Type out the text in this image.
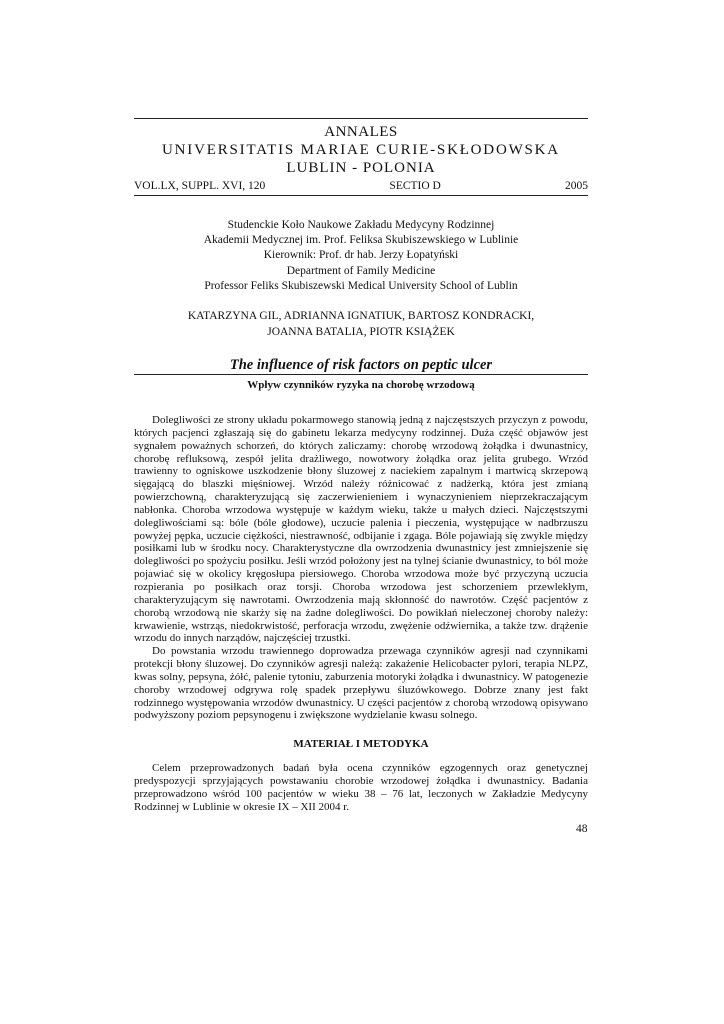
ANNALES
UNIVERSITATIS MARIAE CURIE-SKŁODOWSKA
LUBLIN - POLONIA
VOL.LX, SUPPL. XVI, 120	SECTIO D	2005
Studenckie Koło Naukowe Zakładu Medycyny Rodzinnej
Akademii Medycznej im. Prof. Feliksa Skubiszewskiego w Lublinie
Kierownik: Prof. dr hab. Jerzy Łopatyński
Department of Family Medicine
Professor Feliks Skubiszewski Medical University School of Lublin
KATARZYNA GIL, ADRIANNA IGNATIUK, BARTOSZ KONDRACKI,
JOANNA BATALIA, PIOTR KSIĄŻEK
The influence of risk factors on peptic ulcer
Wpływ czynników ryzyka na chorobę wrzodową

Dolegliwości ze strony układu pokarmowego stanowią jedną z najczęstszych przyczyn z powodu, których pacjenci zgłaszają się do gabinetu lekarza medycyny rodzinnej. Duża część objawów jest sygnałem poważnych schorzeń, do których zaliczamy: chorobę wrzodową żołądka i dwunastnicy, chorobę refluksową, zespół jelita drażliwego, nowotwory żołądka oraz jelita grubego. Wrzód trawienny to ogniskowe uszkodzenie błony śluzowej z naciekiem zapalnym i martwicą skrzepową sięgającą do blaszki mięśniowej. Wrzód należy różnicować z nadżerką, która jest zmianą powierzchowną, charakteryzującą się zaczerwienieniem i wynaczynieniem nieprzekraczającym nabłonka. Choroba wrzodowa występuje w każdym wieku, także u małych dzieci. Najczęstszymi dolegliwościami są: bóle (bóle głodowe), uczucie palenia i pieczenia, występujące w nadbrzuszu powyżej pępka, uczucie ciężkości, niestrawność, odbijanie i zgaga. Bóle pojawiają się zwykle między posiłkami lub w środku nocy. Charakterystyczne dla owrzodzenia dwunastnicy jest zmniejszenie się dolegliwości po spożyciu posiłku. Jeśli wrzód położony jest na tylnej ścianie dwunastnicy, to ból może pojawiać się w okolicy kręgosłupa piersiowego. Choroba wrzodowa może być przyczyną uczucia rozpierania po posiłkach oraz torsji. Choroba wrzodowa jest schorzeniem przewlekłym, charakteryzującym się nawrotami. Owrzodzenia mają skłonność do nawrotów. Część pacjentów z chorobą wrzodową nie skarży się na żadne dolegliwości. Do powikłań nieleczonej choroby należy: krwawienie, wstrząs, niedokrwistość, perforacja wrzodu, zwężenie odźwiernika, a także tzw. drążenie wrzodu do innych narządów, najczęściej trzustki.

Do powstania wrzodu trawiennego doprowadza przewaga czynników agresji nad czynnikami protekcji błony śluzowej. Do czynników agresji należą: zakażenie Helicobacter pylori, terapia NLPZ, kwas solny, pepsyna, żółć, palenie tytoniu, zaburzenia motoryki żołądka i dwunastnicy. W patogenezie choroby wrzodowej odgrywa rolę spadek przepływu śluzówkowego. Dobrze znany jest fakt rodzinnego występowania wrzodów dwunastnicy. U części pacjentów z chorobą wrzodową opisywano podwyższony poziom pepsynogenu i zwiększone wydzielanie kwasu solnego.

MATERIAŁ I METODYKA

Celem przeprowadzonych badań była ocena czynników egzogennych oraz genetycznej predyspozycji sprzyjających powstawaniu chorobie wrzodowej żołądka i dwunastnicy. Badania przeprowadzono wśród 100 pacjentów w wieku 38 – 76 lat, leczonych w Zakładzie Medycyny Rodzinnej w Lublinie w okresie IX – XII 2004 r.

48
